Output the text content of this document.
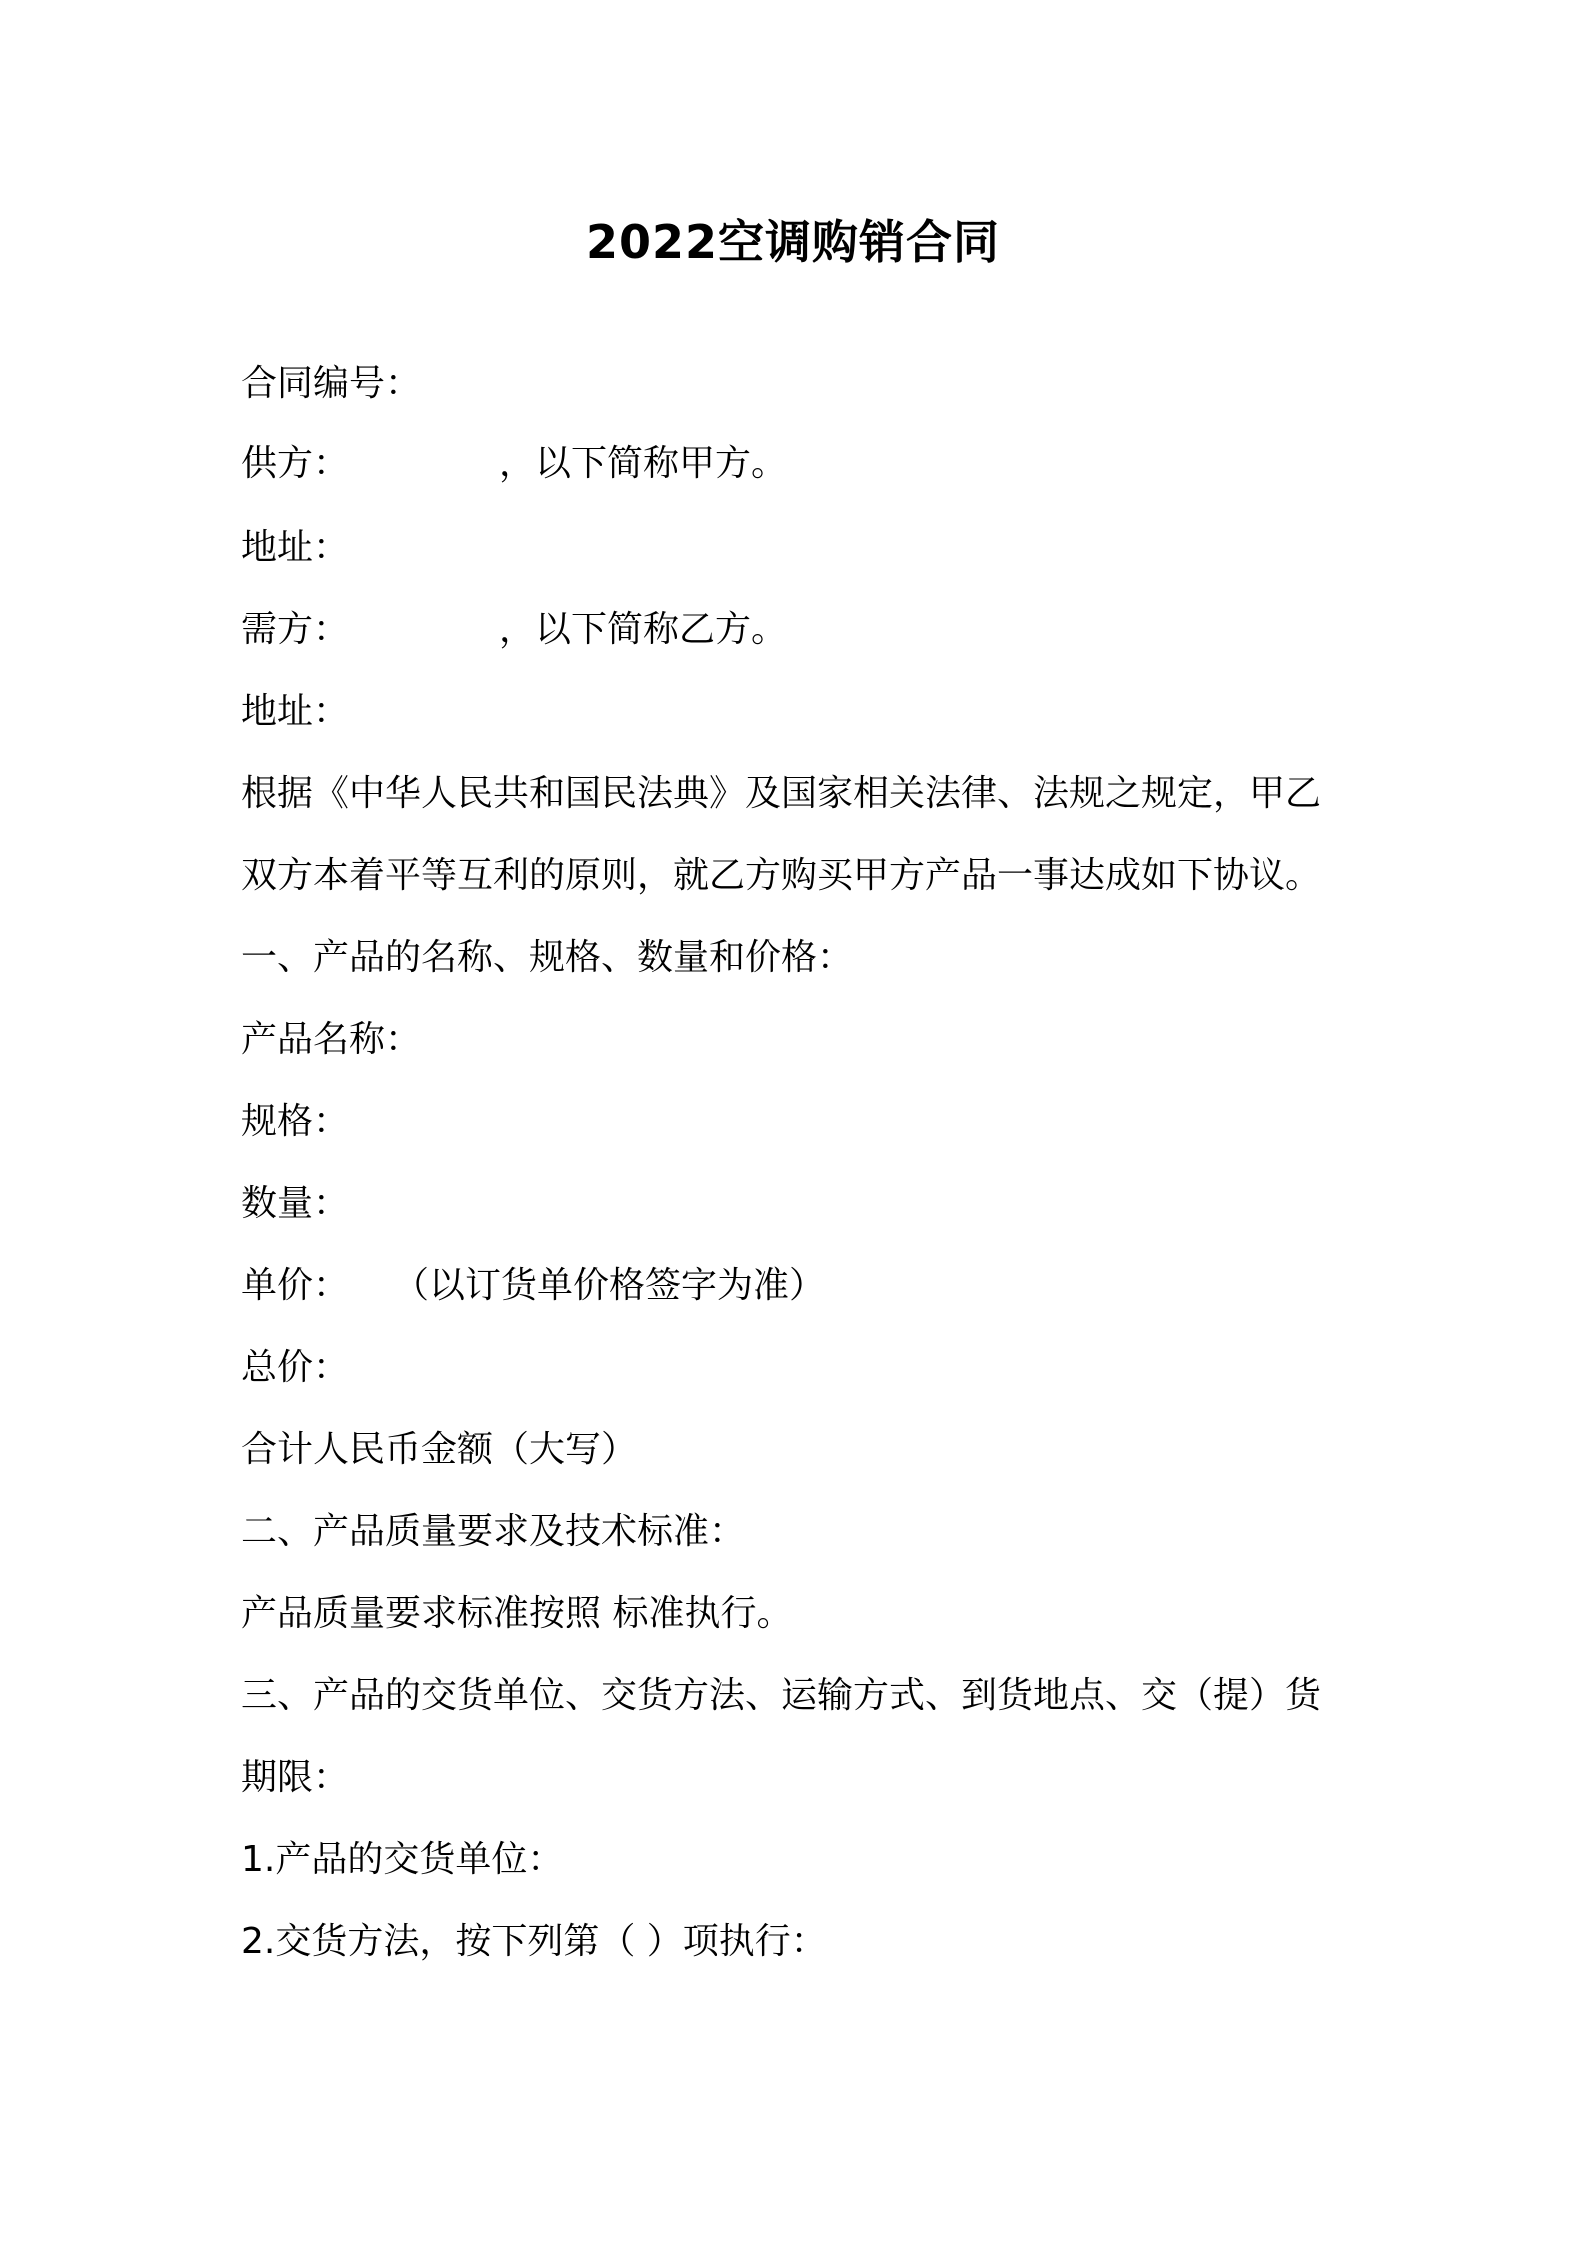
2022空调购销合同
合同编号：
供方：	，以下简称甲方。
地址：
需方：	，以下简称乙方。
地址：
根据《中华人民共和国民法典》及国家相关法律、法规之规定，甲乙
双方本着平等互利的原则，就乙方购买甲方产品一事达成如下协议。
一、产品的名称、规格、数量和价格：
产品名称：
规格：
数量：
单价： （以订货单价格签字为准）
总价：
合计人民币金额（大写）
二、产品质量要求及技术标准：
产品质量要求标准按照 标准执行。
三、产品的交货单位、交货方法、运输方式、到货地点、交（提）货
期限：
1.产品的交货单位：
2.交货方法，按下列第（ ）项执行：
